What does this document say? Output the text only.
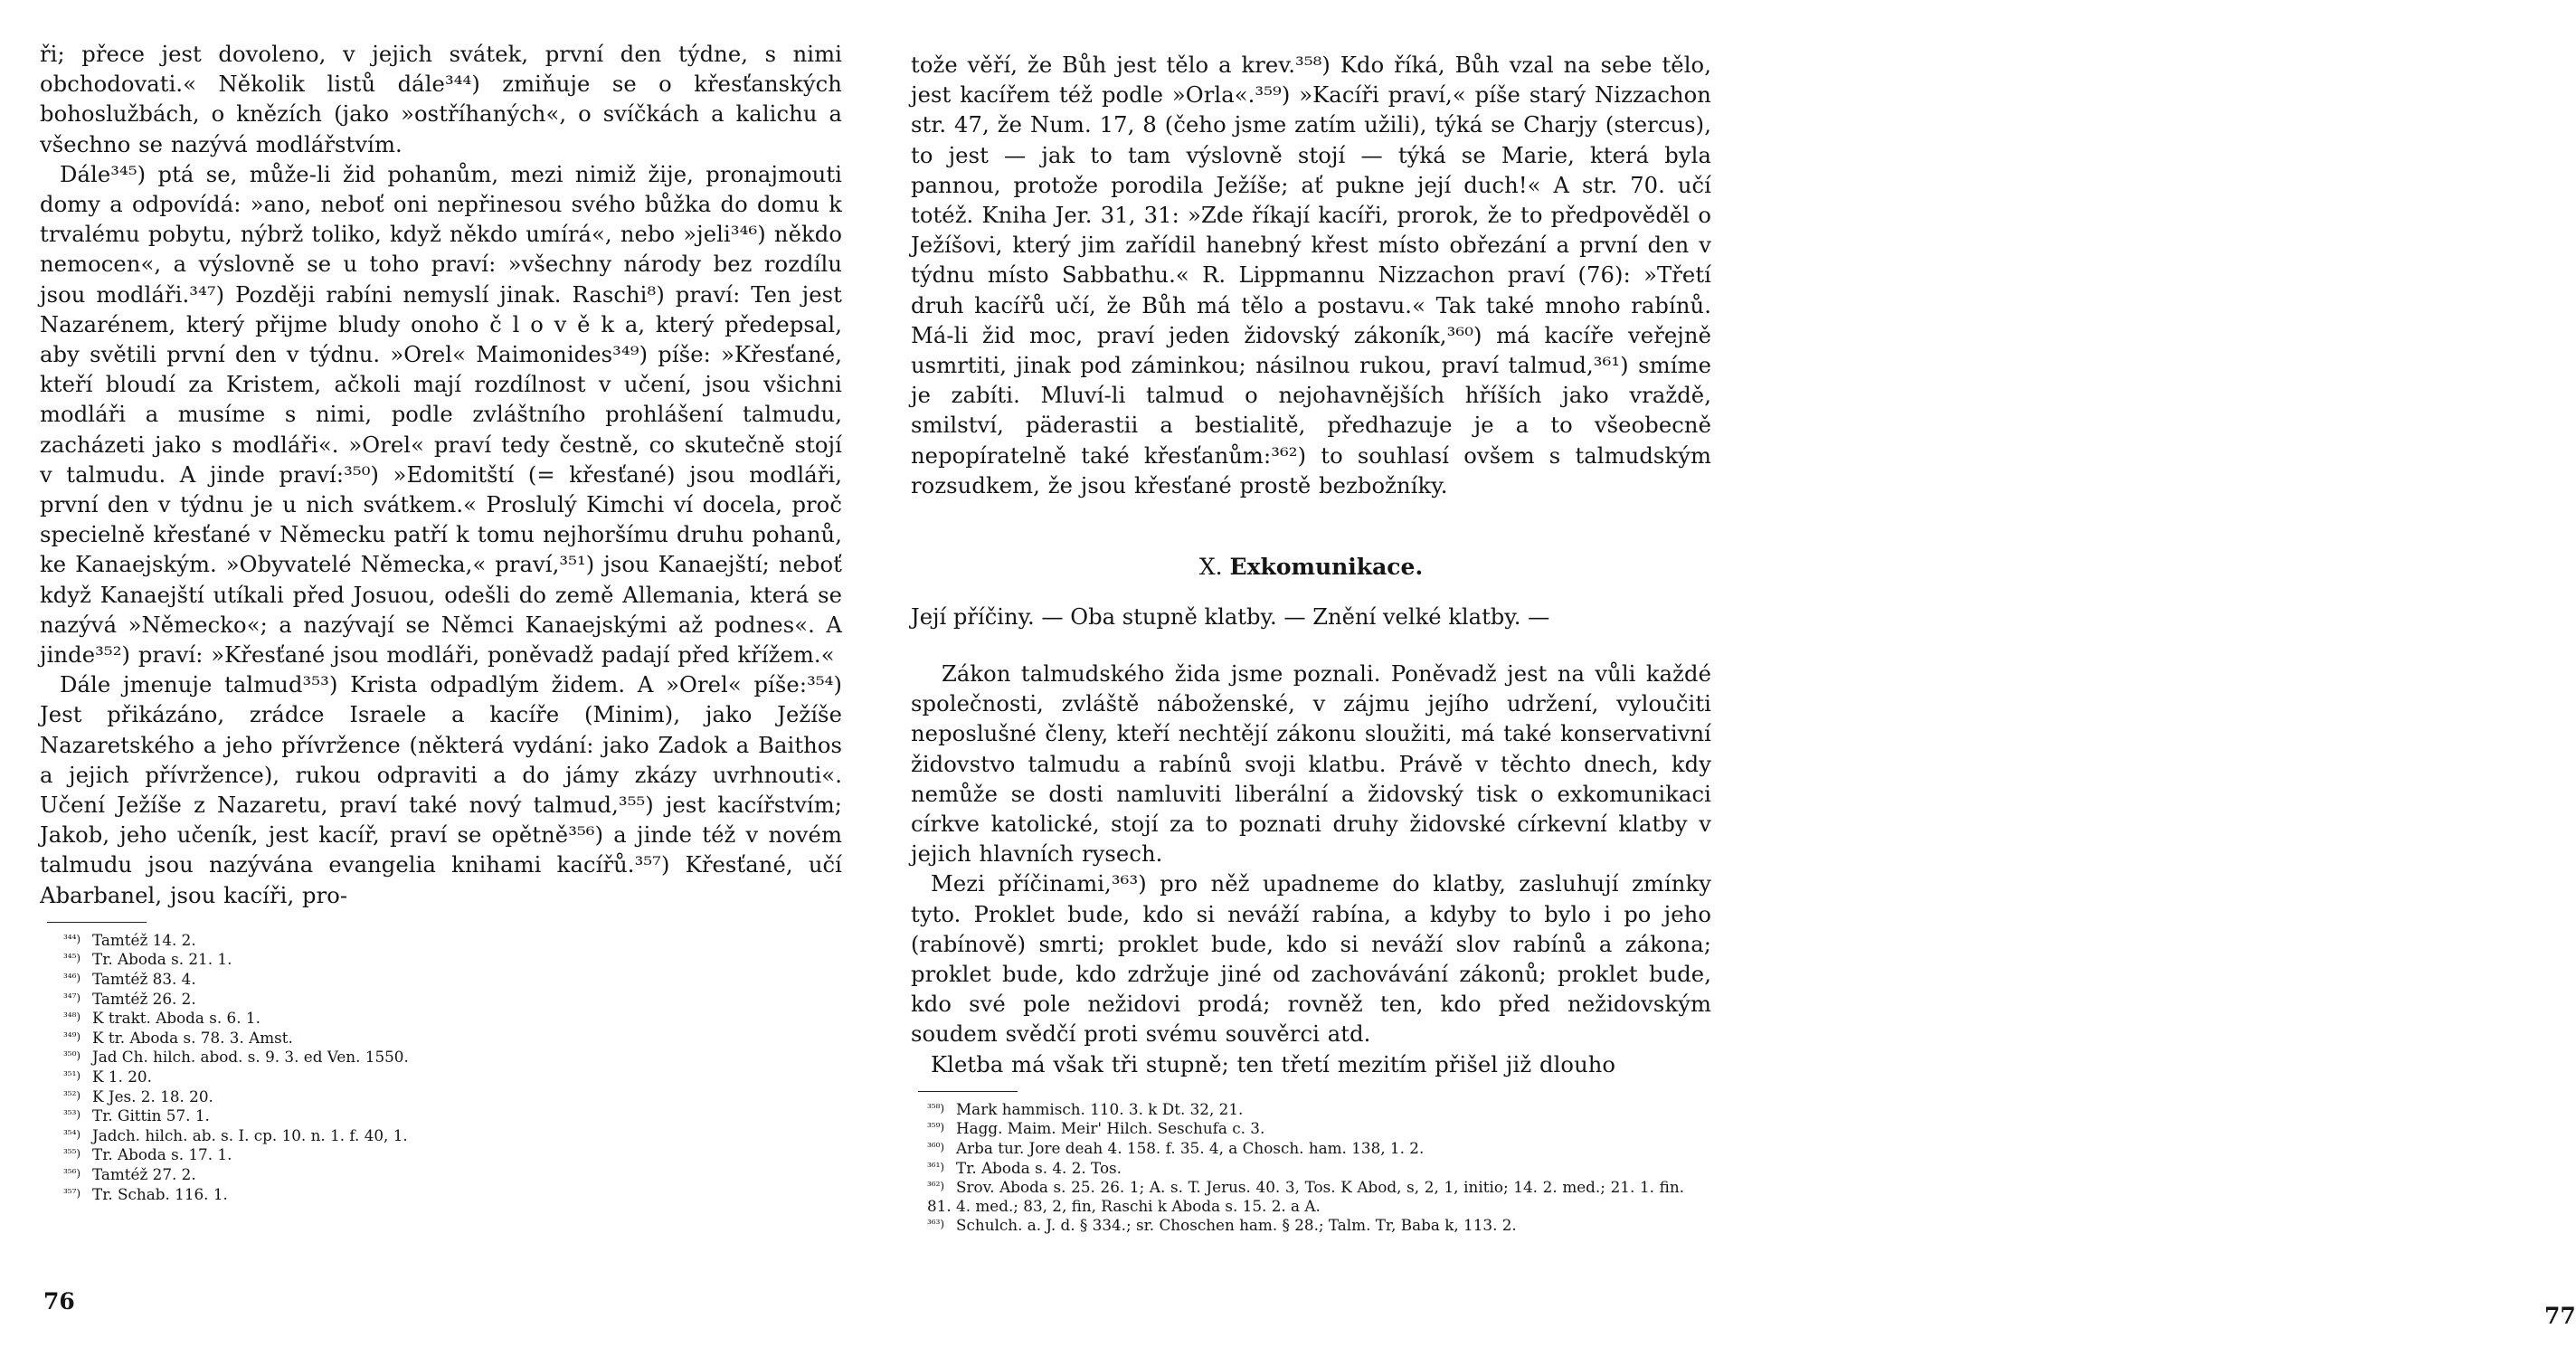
ři; přece jest dovoleno, v jejich svátek, první den týdne, s nimi obchodovati.« Několik listů dále³⁴⁴) zmiňuje se o křesťanských bohoslužbách, o knězích (jako »ostříhaných«, o svíčkách a kalichu a všechno se nazývá modlářstvím.

Dále³⁴⁵) ptá se, může-li žid pohanům, mezi nimiž žije, pronajmouti domy a odpovídá: »ano, neboť oni nepřinesou svého bůžka do domu k trvalému pobytu, nýbrž toliko, když někdo umírá«, nebo »jeli³⁴⁶) někdo nemocen«, a výslovně se u toho praví: »všechny národy bez rozdílu jsou modláři.³⁴⁷) Později rabíni nemyslí jinak. Raschi⁸) praví: Ten jest Nazarénem, který přijme bludy onoho č l o v ě k a, který předepsal, aby světili první den v týdnu. »Orel« Maimonides³⁴⁹) píše: »Křesťané, kteří bloudí za Kristem, ačkoli mají rozdílnost v učení, jsou všichni modláři a musíme s nimi, podle zvláštního prohlášení talmudu, zacházeti jako s modláři«. »Orel« praví tedy čestně, co skutečně stojí v talmudu. A jinde praví:³⁵⁰) »Edomitští (= křesťané) jsou modláři, první den v týdnu je u nich svátkem.« Proslulý Kimchi ví docela, proč specielně křesťané v Německu patří k tomu nejhoršímu druhu pohanů, ke Kanaejským. »Obyvatelé Německa,« praví,³⁵¹) jsou Kanaejští; neboť když Kanaejští utíkali před Josuou, odešli do země Allemania, která se nazývá »Německo«; a nazývají se Němci Kanaejskými až podnes«. A jinde³⁵²) praví: »Křesťané jsou modláři, poněvadž padají před křížem.«

Dále jmenuje talmud³⁵³) Krista odpadlým židem. A »Orel« píše:³⁵⁴) Jest přikázáno, zrádce Israele a kacíře (Minim), jako Ježíše Nazaretského a jeho přívržence (některá vydání: jako Zadok a Baithos a jejich přívržence), rukou odpraviti a do jámy zkázy uvrhnouti«. Učení Ježíše z Nazaretu, praví také nový talmud,³⁵⁵) jest kacířstvím; Jakob, jeho učeník, jest kacíř, praví se opětně³⁵⁶) a jinde též v novém talmudu jsou nazývána evangelia knihami kacířů.³⁵⁷) Křesťané, učí Abarbanel, jsou kacíři, pro-

³⁴⁴) Tamtéž 14. 2.
³⁴⁵) Tr. Aboda s. 21. 1.
³⁴⁶) Tamtéž 83. 4.
³⁴⁷) Tamtéž 26. 2.
³⁴⁸) K trakt. Aboda s. 6. 1.
³⁴⁹) K tr. Aboda s. 78. 3. Amst.
³⁵⁰) Jad Ch. hilch. abod. s. 9. 3. ed Ven. 1550.
³⁵¹) K 1. 20.
³⁵²) K Jes. 2. 18. 20.
³⁵³) Tr. Gittin 57. 1.
³⁵⁴) Jadch. hilch. ab. s. I. cp. 10. n. 1. f. 40, 1.
³⁵⁵) Tr. Aboda s. 17. 1.
³⁵⁶) Tamtéž 27. 2.
³⁵⁷) Tr. Schab. 116. 1.
76

tože věří, že Bůh jest tělo a krev.³⁵⁸) Kdo říká, Bůh vzal na sebe tělo, jest kacířem též podle »Orla«.³⁵⁹) »Kacíři praví,« píše starý Nizzachon str. 47, že Num. 17, 8 (čeho jsme zatím užili), týká se Charjy (stercus), to jest — jak to tam výslovně stojí — týká se Marie, která byla pannou, protože porodila Ježíše; ať pukne její duch!« A str. 70. učí totéž. Kniha Jer. 31, 31: »Zde říkají kacíři, prorok, že to předpověděl o Ježíšovi, který jim zařídil hanebný křest místo obřezání a první den v týdnu místo Sabbathu.« R. Lippmannu Nizzachon praví (76): »Třetí druh kacířů učí, že Bůh má tělo a postavu.« Tak také mnoho rabínů. Má-li žid moc, praví jeden židovský zákoník,³⁶⁰) má kacíře veřejně usmrtiti, jinak pod záminkou; násilnou rukou, praví talmud,³⁶¹) smíme je zabíti. Mluví-li talmud o nejohavnějších hříších jako vraždě, smilství, päderastii a bestialitě, předhazuje je a to všeobecně nepopíratelně také křesťanům:³⁶²) to souhlasí ovšem s talmudským rozsudkem, že jsou křesťané prostě bezbožníky.

X. Exkomunikace.
Její příčiny. — Oba stupně klatby. — Znění velké klatby. —

Zákon talmudského žida jsme poznali. Poněvadž jest na vůli každé společnosti, zvláště náboženské, v zájmu jejího udržení, vyloučiti neposlušné členy, kteří nechtějí zákonu sloužiti, má také konservativní židovstvo talmudu a rabínů svoji klatbu. Právě v těchto dnech, kdy nemůže se dosti namluviti liberální a židovský tisk o exkomunikaci církve katolické, stojí za to poznati druhy židovské církevní klatby v jejich hlavních rysech.

Mezi příčinami,³⁶³) pro něž upadneme do klatby, zasluhují zmínky tyto. Proklet bude, kdo si neváží rabína, a kdyby to bylo i po jeho (rabínově) smrti; proklet bude, kdo si neváží slov rabínů a zákona; proklet bude, kdo zdržuje jiné od zachovávání zákonů; proklet bude, kdo své pole nežidovi prodá; rovněž ten, kdo před nežidovským soudem svědčí proti svému souvěrci atd.

Kletba má však tři stupně; ten třetí mezitím přišel již dlouho

³⁵⁸) Mark hammisch. 110. 3. k Dt. 32, 21.
³⁵⁹) Hagg. Maim. Meir' Hilch. Seschufa c. 3.
³⁶⁰) Arba tur. Jore deah 4. 158. f. 35. 4, a Chosch. ham. 138, 1. 2.
³⁶¹) Tr. Aboda s. 4. 2. Tos.
³⁶²) Srov. Aboda s. 25. 26. 1; A. s. T. Jerus. 40. 3, Tos. K Abod, s, 2, 1, initio; 14. 2. med.; 21. 1. fin. 81. 4. med.; 83, 2, fin, Raschi k Aboda s. 15. 2. a A.
³⁶³) Schulch. a. J. d. § 334.; sr. Choschen ham. § 28.; Talm. Tr, Baba k, 113. 2.
77
